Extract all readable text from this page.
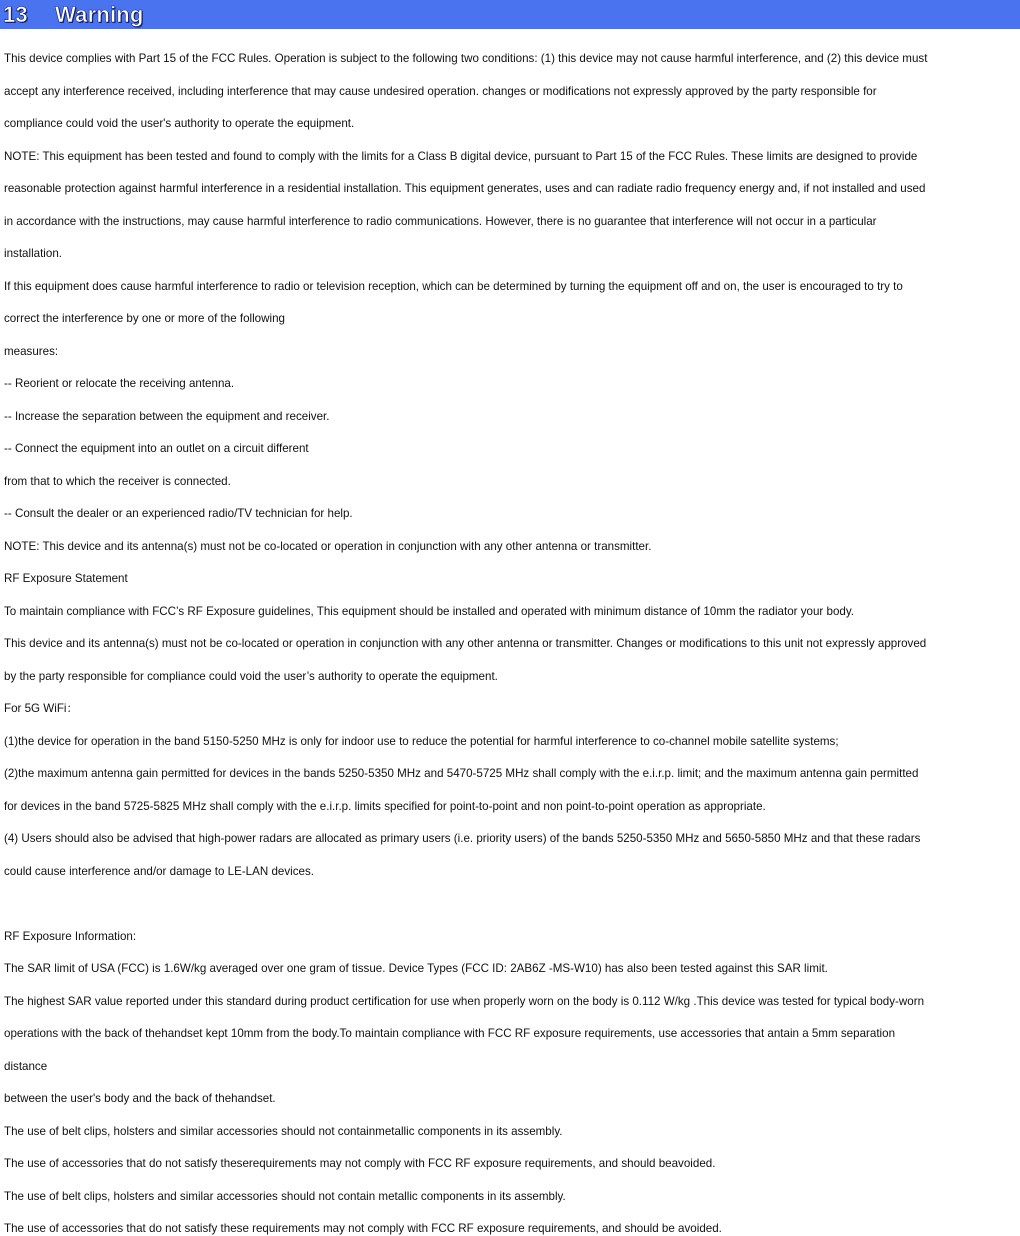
13	Warning
This device complies with Part 15 of the FCC Rules. Operation is subject to the following two conditions: (1) this device may not cause harmful interference, and (2) this device must
accept any interference received, including interference that may cause undesired operation. changes or modifications not expressly approved by the party responsible for
compliance could void the user's authority to operate the equipment.
NOTE: This equipment has been tested and found to comply with the limits for a Class B digital device, pursuant to Part 15 of the FCC Rules. These limits are designed to provide
reasonable protection against harmful interference in a residential installation. This equipment generates, uses and can radiate radio frequency energy and, if not installed and used
in accordance with the instructions, may cause harmful interference to radio communications. However, there is no guarantee that interference will not occur in a particular
installation.
If this equipment does cause harmful interference to radio or television reception, which can be determined by turning the equipment off and on, the user is encouraged to try to
correct the interference by one or more of the following
measures:
-- Reorient or relocate the receiving antenna.
-- Increase the separation between the equipment and receiver.
-- Connect the equipment into an outlet on a circuit different
from that to which the receiver is connected.
-- Consult the dealer or an experienced radio/TV technician for help.
NOTE: This device and its antenna(s) must not be co-located or operation in conjunction with any other antenna or transmitter.
RF Exposure Statement
To maintain compliance with FCC’s RF Exposure guidelines, This equipment should be installed and operated with minimum distance of 10mm the radiator your body.
This device and its antenna(s) must not be co-located or operation in conjunction with any other antenna or transmitter. Changes or modifications to this unit not expressly approved
by the party responsible for compliance could void the user’s authority to operate the equipment.
For 5G WiFi：
(1)the device for operation in the band 5150-5250 MHz is only for indoor use to reduce the potential for harmful interference to co-channel mobile satellite systems;
(2)the maximum antenna gain permitted for devices in the bands 5250-5350 MHz and 5470-5725 MHz shall comply with the e.i.r.p. limit; and the maximum antenna gain permitted
for devices in the band 5725-5825 MHz shall comply with the e.i.r.p. limits specified for point-to-point and non point-to-point operation as appropriate.
(4) Users should also be advised that high-power radars are allocated as primary users (i.e. priority users) of the bands 5250-5350 MHz and 5650-5850 MHz and that these radars
could cause interference and/or damage to LE-LAN devices.
RF Exposure Information:
The SAR limit of USA (FCC) is 1.6W/kg averaged over one gram of tissue. Device Types (FCC ID: 2AB6Z -MS-W10) has also been tested against this SAR limit.
The highest SAR value reported under this standard during product certification for use when properly worn on the body is 0.112 W/kg .This device was tested for typical body-worn
operations with the back of thehandset kept 10mm from the body.To maintain compliance with FCC RF exposure requirements, use accessories that antain a 5mm separation
distance
between the user's body and the back of thehandset.
The use of belt clips, holsters and similar accessories should not containmetallic components in its assembly.
The use of accessories that do not satisfy theserequirements may not comply with FCC RF exposure requirements, and should beavoided.
The use of belt clips, holsters and similar accessories should not contain metallic components in its assembly.
The use of accessories that do not satisfy these requirements may not comply with FCC RF exposure requirements, and should be avoided.
